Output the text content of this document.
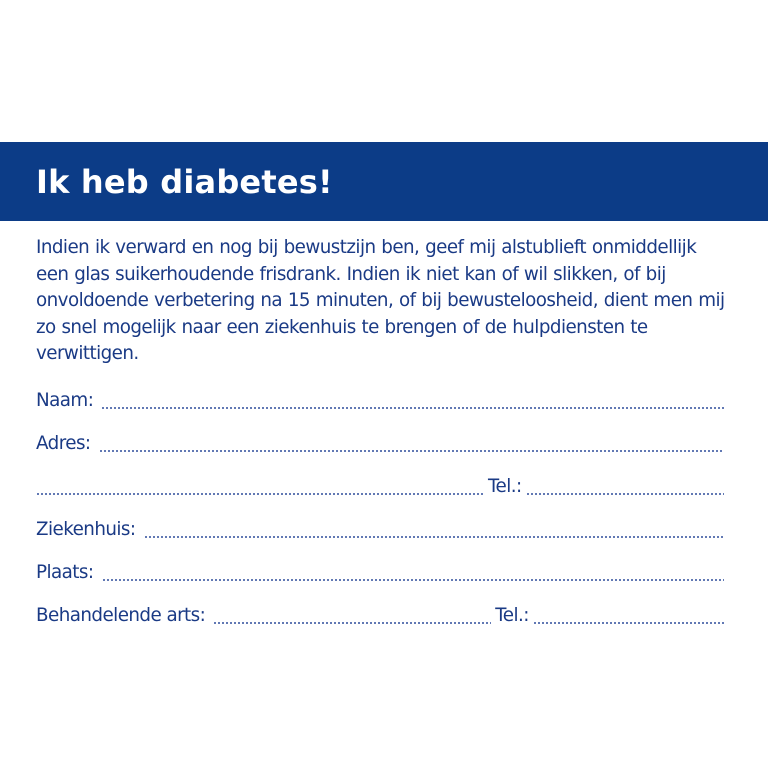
Ik heb diabetes!

Indien ik verward en nog bij bewustzijn ben, geef mij alstublieft onmiddellijk een glas suikerhoudende frisdrank. Indien ik niet kan of wil slikken, of bij onvoldoende verbetering na 15 minuten, of bij bewusteloosheid, dient men mij zo snel mogelijk naar een ziekenhuis te brengen of de hulpdiensten te verwittigen.

Naam:
Adres:
Tel.:
Ziekenhuis:
Plaats:
Behandelende arts:	Tel.:
